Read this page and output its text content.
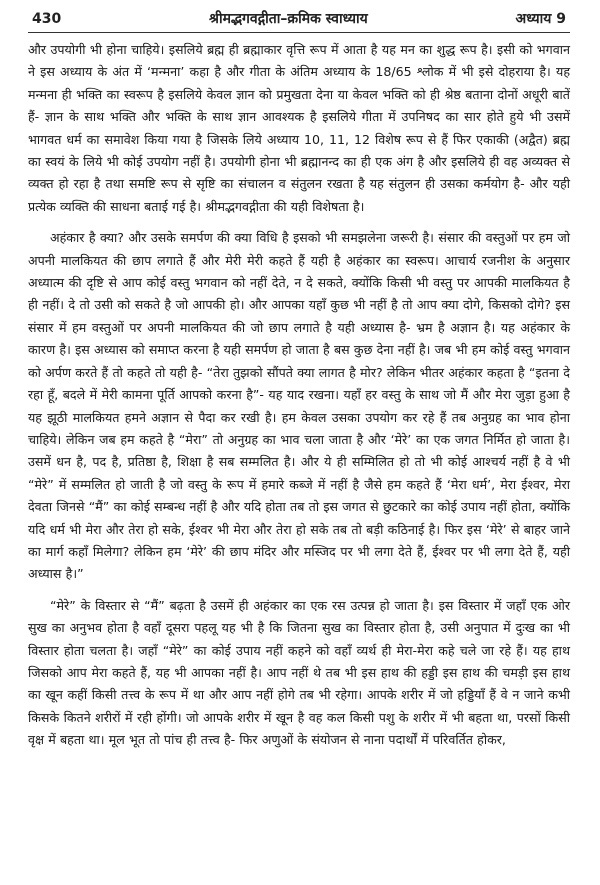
430	श्रीमद्भगवद्गीता–क्रमिक स्वाध्याय	अध्याय 9

और उपयोगी भी होना चाहिये। इसलिये ब्रह्म ही ब्रह्माकार वृत्ति रूप में आता है यह मन का शुद्ध रूप है। इसी को भगवान ने इस अध्याय के अंत में ‘मन्मना’ कहा है और गीता के अंतिम अध्याय के 18/65 श्लोक में भी इसे दोहराया है। यह मन्मना ही भक्ति का स्वरूप है इसलिये केवल ज्ञान को प्रमुखता देना या केवल भक्ति को ही श्रेष्ठ बताना दोनों अधूरी बातें हैं- ज्ञान के साथ भक्ति और भक्ति के साथ ज्ञान आवश्यक है इसलिये गीता में उपनिषद का सार होते हुये भी उसमें भागवत धर्म का समावेश किया गया है जिसके लिये अध्याय 10, 11, 12 विशेष रूप से हैं फिर एकाकी (अद्वैत) ब्रह्म का स्वयं के लिये भी कोई उपयोग नहीं है। उपयोगी होना भी ब्रह्मानन्द का ही एक अंग है और इसलिये ही वह अव्यक्त से व्यक्त हो रहा है तथा समष्टि रूप से सृष्टि का संचालन व संतुलन रखता है यह संतुलन ही उसका कर्मयोग है- और यही प्रत्येक व्यक्ति की साधना बताई गई है। श्रीमद्भगवद्गीता की यही विशेषता है।

अहंकार है क्या? और उसके समर्पण की क्या विधि है इसको भी समझलेना जरूरी है। संसार की वस्तुओं पर हम जो अपनी मालकियत की छाप लगाते हैं और मेरी मेरी कहते हैं यही है अहंकार का स्वरूप। आचार्य रजनीश के अनुसार अध्यात्म की दृष्टि से आप कोई वस्तु भगवान को नहीं देते, न दे सकते, क्योंकि किसी भी वस्तु पर आपकी मालकियत है ही नहीं। दे तो उसी को सकते है जो आपकी हो। और आपका यहाँ कुछ भी नहीं है तो आप क्या दोगे, किसको दोगे? इस संसार में हम वस्तुओं पर अपनी मालकियत की जो छाप लगाते है यही अध्यास है- भ्रम है अज्ञान है। यह अहंकार के कारण है। इस अध्यास को समाप्त करना है यही समर्पण हो जाता है बस कुछ देना नहीं है। जब भी हम कोई वस्तु भगवान को अर्पण करते हैं तो कहते तो यही है- “तेरा तुझको सौंपते क्या लागत है मोर? लेकिन भीतर अहंकार कहता है “इतना दे रहा हूँ, बदले में मेरी कामना पूर्ति आपको करना है”- यह याद रखना। यहाँ हर वस्तु के साथ जो मैं और मेरा जुड़ा हुआ है यह झूठी मालकियत हमने अज्ञान से पैदा कर रखी है। हम केवल उसका उपयोग कर रहे हैं तब अनुग्रह का भाव होना चाहिये। लेकिन जब हम कहते है “मेरा” तो अनुग्रह का भाव चला जाता है और ‘मेरे’ का एक जगत निर्मित हो जाता है। उसमें धन है, पद है, प्रतिष्ठा है, शिक्षा है सब सम्मलित है। और ये ही सम्मिलित हो तो भी कोई आश्चर्य नहीं है वे भी “मेरे” में सम्मलित हो जाती है जो वस्तु के रूप में हमारे कब्जे में नहीं है जैसे हम कहते हैं ‘मेरा धर्म’, मेरा ईश्वर, मेरा देवता जिनसे “मैं” का कोई सम्बन्ध नहीं है और यदि होता तब तो इस जगत से छुटकारे का कोई उपाय नहीं होता, क्योंकि यदि धर्म भी मेरा और तेरा हो सके, ईश्वर भी मेरा और तेरा हो सके तब तो बड़ी कठिनाई है। फिर इस ‘मेरे’ से बाहर जाने का मार्ग कहाँ मिलेगा? लेकिन हम ‘मेरे’ की छाप मंदिर और मस्जिद पर भी लगा देते हैं, ईश्वर पर भी लगा देते हैं, यही अध्यास है।”

“मेरे” के विस्तार से “मैं” बढ़ता है उसमें ही अहंकार का एक रस उत्पन्न हो जाता है। इस विस्तार में जहाँ एक ओर सुख का अनुभव होता है वहाँ दूसरा पहलू यह भी है कि जितना सुख का विस्तार होता है, उसी अनुपात में दुःख का भी विस्तार होता चलता है। जहाँ “मेरे” का कोई उपाय नहीं कहने को वहाँ व्यर्थ ही मेरा-मेरा कहे चले जा रहे हैं। यह हाथ जिसको आप मेरा कहते हैं, यह भी आपका नहीं है। आप नहीं थे तब भी इस हाथ की हड्डी इस हाथ की चमड़ी इस हाथ का खून कहीं किसी तत्त्व के रूप में था और आप नहीं होगे तब भी रहेगा। आपके शरीर में जो हड्डियाँ हैं वे न जाने कभी किसके कितने शरीरों में रही होंगी। जो आपके शरीर में खून है वह कल किसी पशु के शरीर में भी बहता था, परसों किसी वृक्ष में बहता था। मूल भूत तो पांच ही तत्त्व है- फिर अणुओं के संयोजन से नाना पदार्थों में परिवर्तित होकर,
